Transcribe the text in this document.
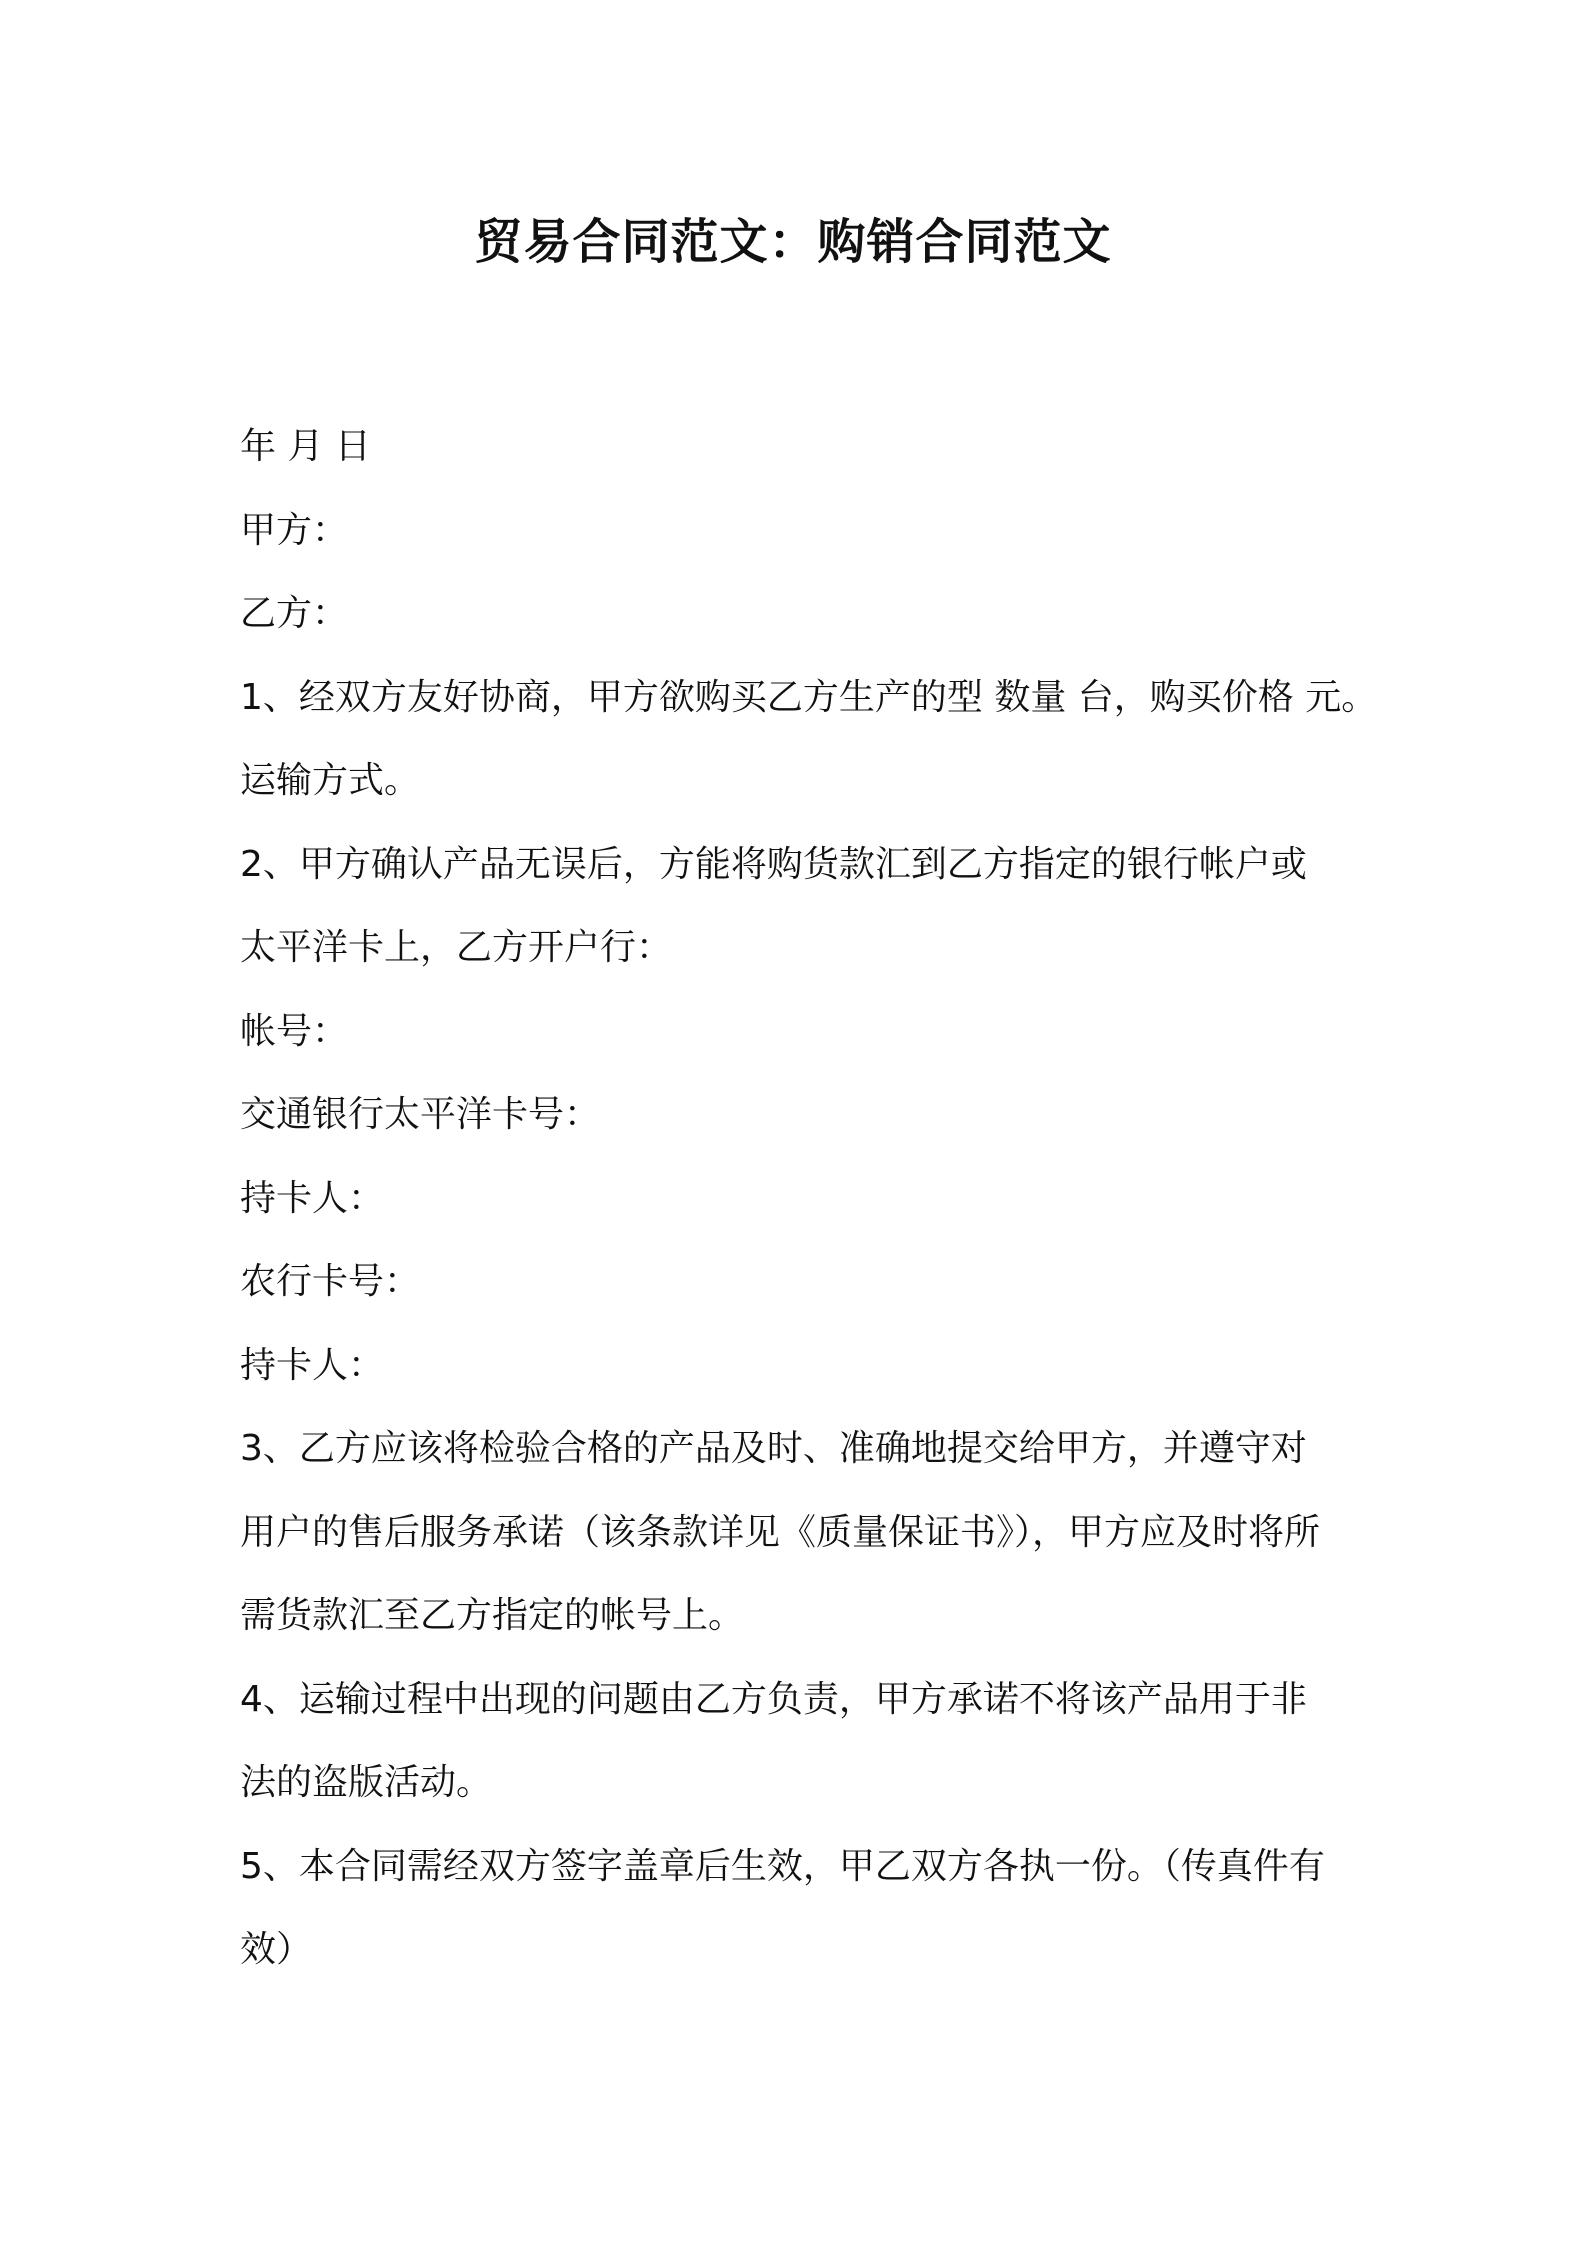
贸易合同范文：购销合同范文

年 月 日

甲方：

乙方：

1、经双方友好协商，甲方欲购买乙方生产的型 数量 台，购买价格 元。

运输方式。

2、甲方确认产品无误后，方能将购货款汇到乙方指定的银行帐户或

太平洋卡上，乙方开户行：

帐号：

交通银行太平洋卡号：

持卡人：

农行卡号：

持卡人：

3、乙方应该将检验合格的产品及时、准确地提交给甲方，并遵守对

用户的售后服务承诺（该条款详见《质量保证书》），甲方应及时将所

需货款汇至乙方指定的帐号上。

4、运输过程中出现的问题由乙方负责，甲方承诺不将该产品用于非

法的盗版活动。

5、本合同需经双方签字盖章后生效，甲乙双方各执一份。（传真件有

效）
